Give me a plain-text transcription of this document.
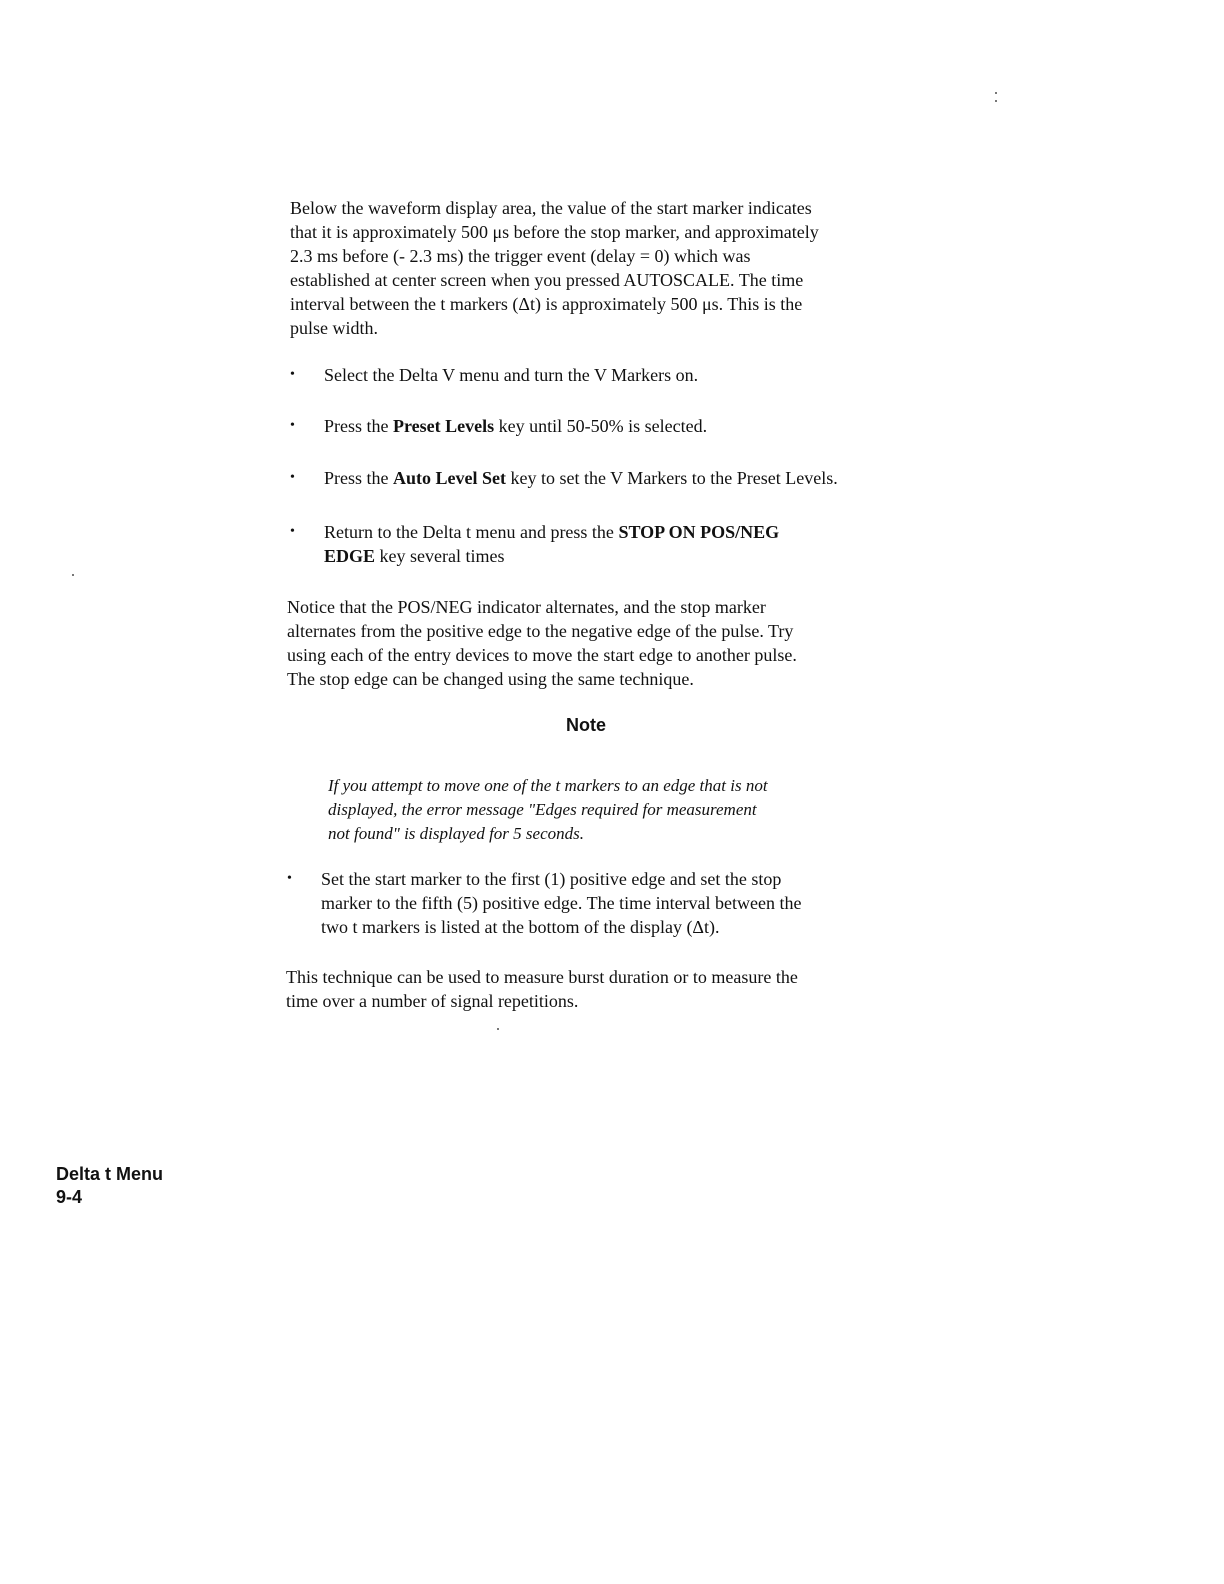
Below the waveform display area, the value of the start marker indicates
that it is approximately 500 μs before the stop marker, and approximately
2.3 ms before (- 2.3 ms) the trigger event (delay = 0) which was
established at center screen when you pressed AUTOSCALE. The time
interval between the t markers (Δt) is approximately 500 μs. This is the
pulse width.

• Select the Delta V menu and turn the V Markers on.
• Press the Preset Levels key until 50-50% is selected.
• Press the Auto Level Set key to set the V Markers to the Preset Levels.
• Return to the Delta t menu and press the STOP ON POS/NEG
EDGE key several times

Notice that the POS/NEG indicator alternates, and the stop marker
alternates from the positive edge to the negative edge of the pulse. Try
using each of the entry devices to move the start edge to another pulse.
The stop edge can be changed using the same technique.

Note
If you attempt to move one of the t markers to an edge that is not
displayed, the error message "Edges required for measurement
not found" is displayed for 5 seconds.
• Set the start marker to the first (1) positive edge and set the stop
marker to the fifth (5) positive edge. The time interval between the
two t markers is listed at the bottom of the display (Δt).

This technique can be used to measure burst duration or to measure the
time over a number of signal repetitions.

Delta t Menu
9-4
